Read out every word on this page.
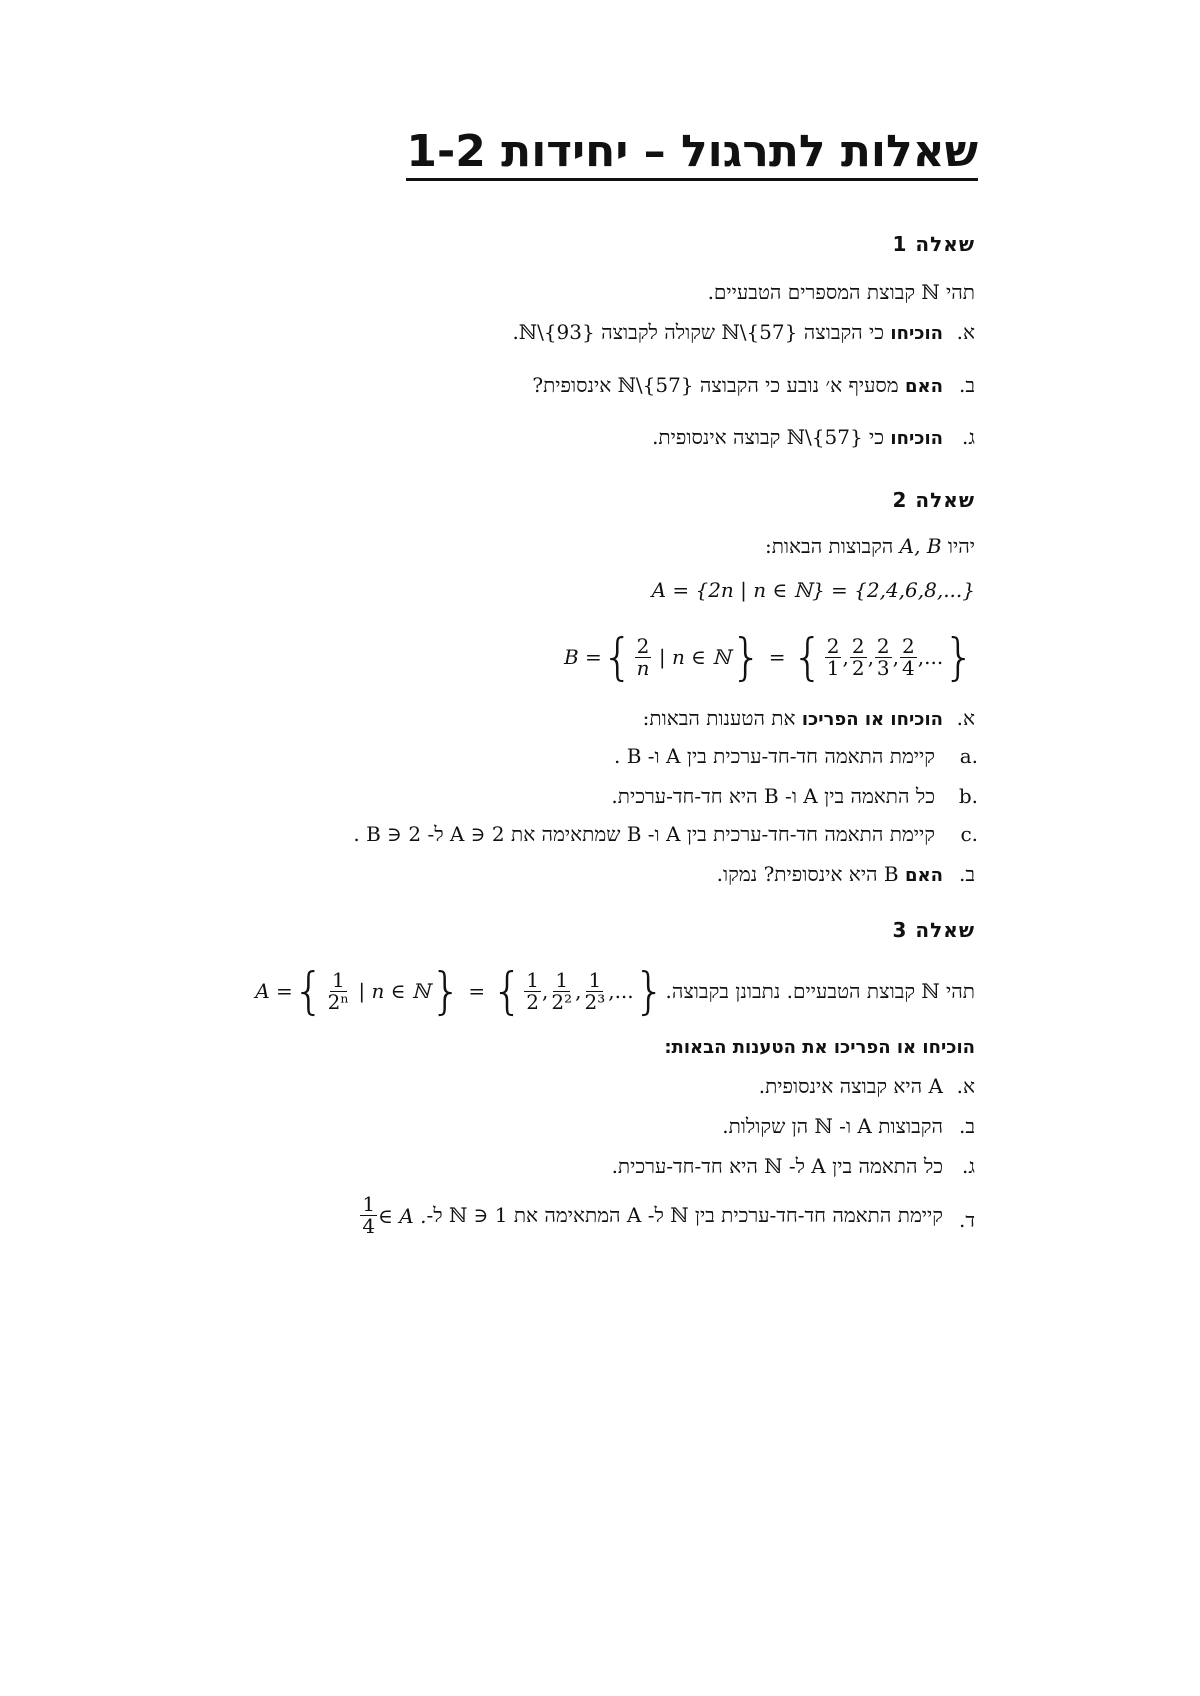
שאלות לתרגול – יחידות 1-2
שאלה 1
תהי ℕ קבוצת המספרים הטבעיים.
א.
הוכיחו כי הקבוצה ℕ\{57} שקולה לקבוצה ℕ\{93}.
ב.
האם מסעיף א׳ נובע כי הקבוצה ℕ\{57} אינסופית?
ג.
הוכיחו כי ℕ\{57} קבוצה אינסופית.
שאלה 2
יהיו A, B הקבוצות הבאות:
A = {2n | n ∈ ℕ} = {2,4,6,8,...}
B = { $\frac{2}{n}$ | n ∈ ℕ } = { $\frac{2}{1}$ , $\frac{2}{2}$ , $\frac{2}{3}$ , $\frac{2}{4}$ ,... }
א.
הוכיחו או הפריכו את הטענות הבאות:
a.
קיימת התאמה חד-חד-ערכית בין A ו- B .
b.
כל התאמה בין A ו- B היא חד-חד-ערכית.
c.
קיימת התאמה חד-חד-ערכית בין A ו- B שמתאימה את 2 ∈ A ל- 2 ∈ B .
ב.
האם B היא אינסופית? נמקו.
שאלה 3
תהי ℕ קבוצת הטבעיים. נתבונן בקבוצה
A = { $\frac{1}{\text{2ⁿ}}$ | n ∈ ℕ } = { $\frac{1}{2}$ , $\frac{1}{\text{2²}}$ , $\frac{1}{\text{2³}}$ ,... } .
הוכיחו או הפריכו את הטענות הבאות:
א.
A היא קבוצה אינסופית.
ב.
הקבוצות A ו- ℕ הן שקולות.
ג.
כל התאמה בין A ל- ℕ היא חד-חד-ערכית.
ד.
קיימת התאמה חד-חד-ערכית בין ℕ ל- A המתאימה את 1 ∈ ℕ ל-
$\frac{1}{4}$ ∈ A .
